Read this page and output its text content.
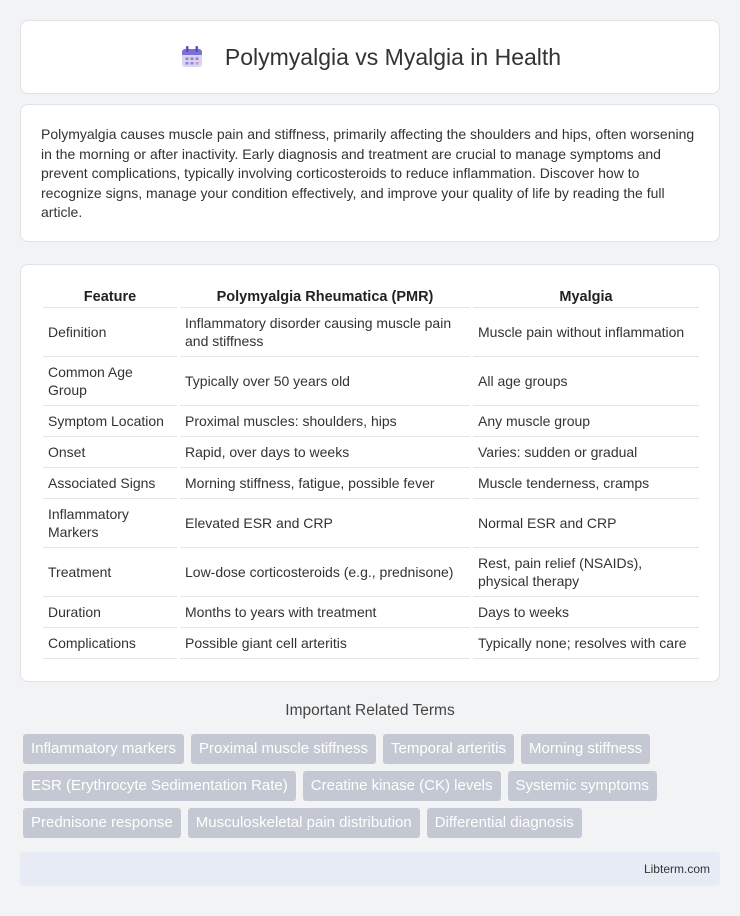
Polymyalgia vs Myalgia in Health

Polymyalgia causes muscle pain and stiffness, primarily affecting the shoulders and hips, often worsening in the morning or after inactivity. Early diagnosis and treatment are crucial to manage symptoms and prevent complications, typically involving corticosteroids to reduce inflammation. Discover how to recognize signs, manage your condition effectively, and improve your quality of life by reading the full article.

Feature	Polymyalgia Rheumatica (PMR)	Myalgia
Definition	Inflammatory disorder causing muscle pain and stiffness	Muscle pain without inflammation
Common Age Group	Typically over 50 years old	All age groups
Symptom Location	Proximal muscles: shoulders, hips	Any muscle group
Onset	Rapid, over days to weeks	Varies: sudden or gradual
Associated Signs	Morning stiffness, fatigue, possible fever	Muscle tenderness, cramps
Inflammatory Markers	Elevated ESR and CRP	Normal ESR and CRP
Treatment	Low-dose corticosteroids (e.g., prednisone)	Rest, pain relief (NSAIDs), physical therapy
Duration	Months to years with treatment	Days to weeks
Complications	Possible giant cell arteritis	Typically none; resolves with care
Important Related Terms
Inflammatory markers	Proximal muscle stiffness	Temporal arteritis	Morning stiffness
ESR (Erythrocyte Sedimentation Rate)	Creatine kinase (CK) levels	Systemic symptoms
Prednisone response	Musculoskeletal pain distribution	Differential diagnosis
Libterm.com
